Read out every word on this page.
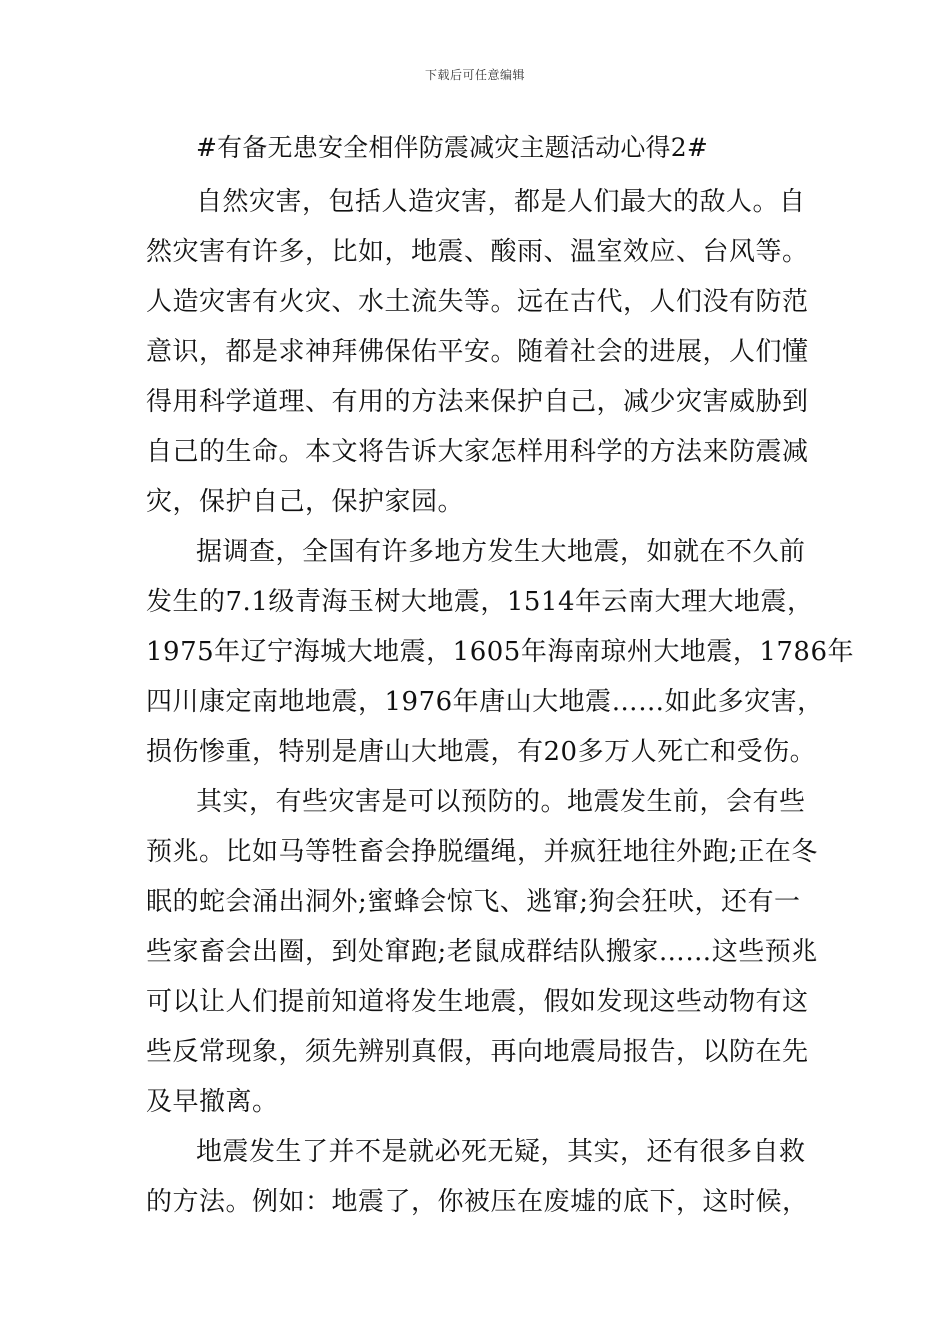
下载后可任意编辑
#有备无患安全相伴防震减灾主题活动心得2#
自然灾害，包括人造灾害，都是人们最大的敌人。自
然灾害有许多，比如，地震、酸雨、温室效应、台风等。
人造灾害有火灾、水土流失等。远在古代，人们没有防范
意识，都是求神拜佛保佑平安。随着社会的进展，人们懂
得用科学道理、有用的方法来保护自己，减少灾害威胁到
自己的生命。本文将告诉大家怎样用科学的方法来防震减
灾，保护自己，保护家园。
据调查，全国有许多地方发生大地震，如就在不久前
发生的7.1级青海玉树大地震，1514年云南大理大地震，
1975年辽宁海城大地震，1605年海南琼州大地震，1786年
四川康定南地地震，1976年唐山大地震……如此多灾害，
损伤惨重，特别是唐山大地震，有20多万人死亡和受伤。
其实，有些灾害是可以预防的。地震发生前，会有些
预兆。比如马等牲畜会挣脱缰绳，并疯狂地往外跑;正在冬
眠的蛇会涌出洞外;蜜蜂会惊飞、逃窜;狗会狂吠，还有一
些家畜会出圈，到处窜跑;老鼠成群结队搬家……这些预兆
可以让人们提前知道将发生地震，假如发现这些动物有这
些反常现象，须先辨别真假，再向地震局报告，以防在先
及早撤离。
地震发生了并不是就必死无疑，其实，还有很多自救
的方法。例如：地震了，你被压在废墟的底下，这时候，
